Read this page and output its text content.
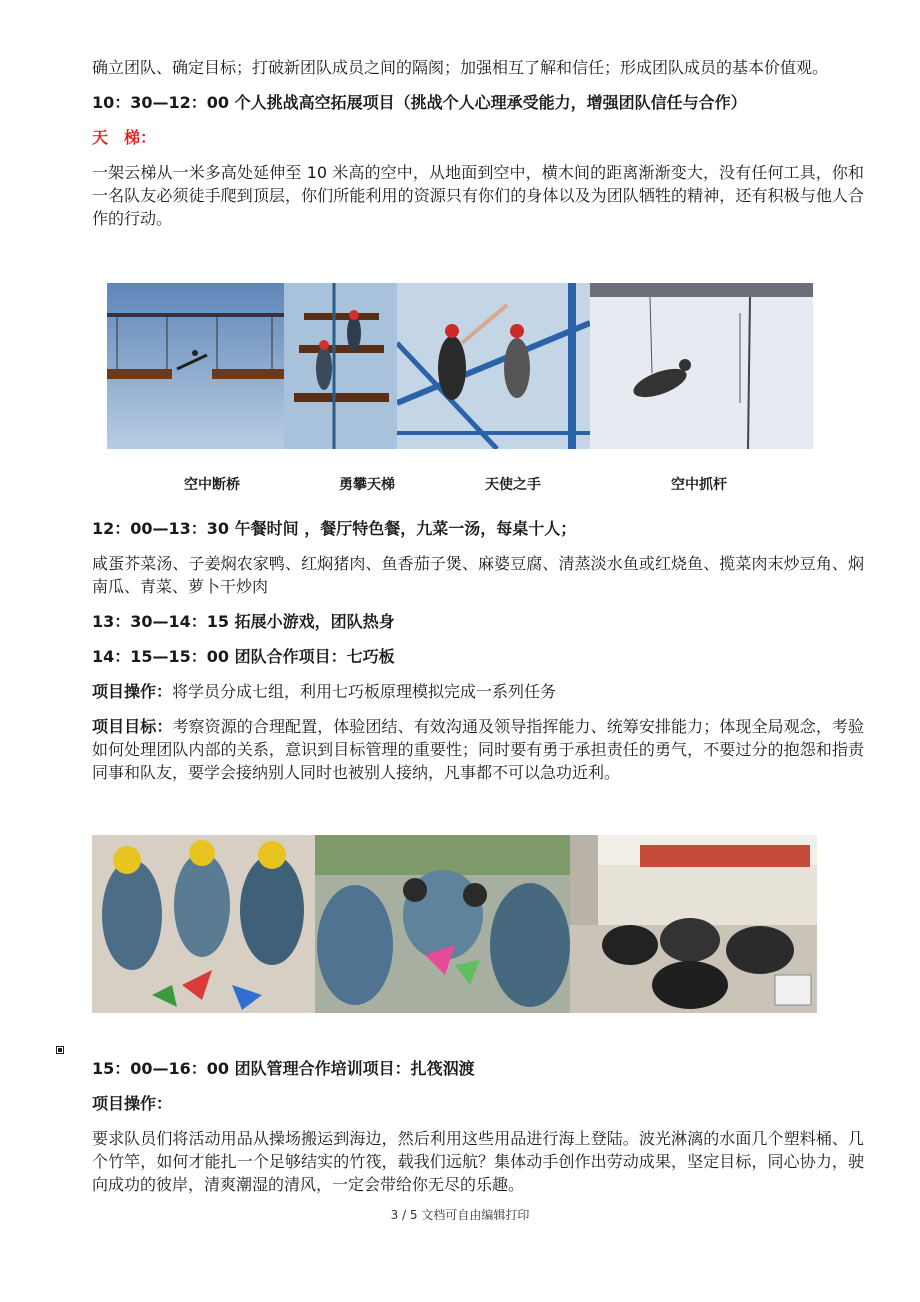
确立团队、确定目标；打破新团队成员之间的隔阂；加强相互了解和信任；形成团队成员的基本价值观。

10：30—12：00 个人挑战高空拓展项目（挑战个人心理承受能力，增强团队信任与合作）

天　梯：

一架云梯从一米多高处延伸至 10 米高的空中，从地面到空中，横木间的距离渐渐变大，没有任何工具，你和一名队友必须徒手爬到顶层，你们所能利用的资源只有你们的身体以及为团队牺牲的精神，还有积极与他人合作的行动。

空中断桥	勇攀天梯	天使之手	空中抓杆

12：00—13：30 午餐时间 ，餐厅特色餐，九菜一汤，每桌十人；

咸蛋芥菜汤、子姜焖农家鸭、红焖猪肉、鱼香茄子煲、麻婆豆腐、清蒸淡水鱼或红烧鱼、揽菜肉末炒豆角、焖南瓜、青菜、萝卜干炒肉

13：30—14：15 拓展小游戏，团队热身

14：15—15：00 团队合作项目：七巧板

项目操作：将学员分成七组，利用七巧板原理模拟完成一系列任务

项目目标：考察资源的合理配置，体验团结、有效沟通及领导指挥能力、统筹安排能力；体现全局观念，考验如何处理团队内部的关系，意识到目标管理的重要性；同时要有勇于承担责任的勇气，不要过分的抱怨和指责同事和队友，要学会接纳别人同时也被别人接纳，凡事都不可以急功近利。

15：00—16：00 团队管理合作培训项目：扎筏泅渡

项目操作：

要求队员们将活动用品从操场搬运到海边，然后利用这些用品进行海上登陆。波光淋漓的水面几个塑料桶、几个竹竿，如何才能扎一个足够结实的竹筏，载我们远航？集体动手创作出劳动成果，坚定目标，同心协力，驶向成功的彼岸，清爽潮湿的清风，一定会带给你无尽的乐趣。

3 / 5 文档可自由编辑打印
